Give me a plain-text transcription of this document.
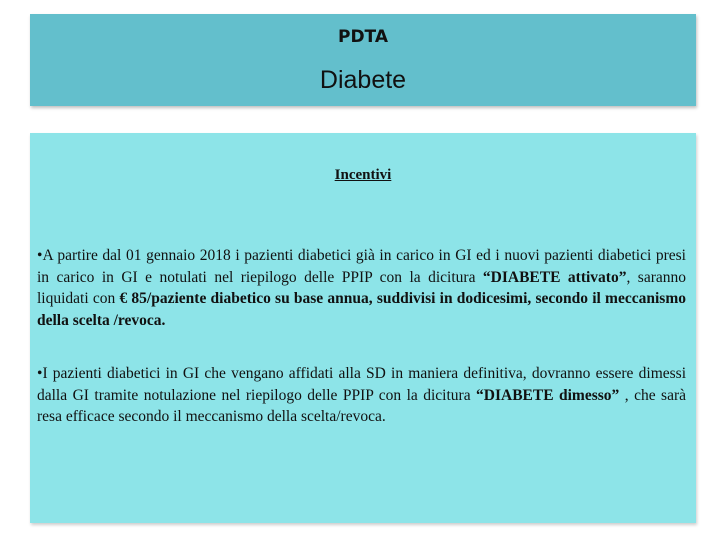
PDTA
Diabete
Incentivi

•A partire dal 01 gennaio 2018 i pazienti diabetici già in carico in GI ed i nuovi pazienti diabetici presi in carico in GI e notulati nel riepilogo delle PPIP con la dicitura “DIABETE attivato”, saranno liquidati con € 85/paziente diabetico su base annua, suddivisi in dodicesimi, secondo il meccanismo della scelta /revoca.

•I pazienti diabetici in GI che vengano affidati alla SD in maniera definitiva, dovranno essere dimessi dalla GI tramite notulazione nel riepilogo delle PPIP con la dicitura “DIABETE dimesso” , che sarà resa efficace secondo il meccanismo della scelta/revoca.
